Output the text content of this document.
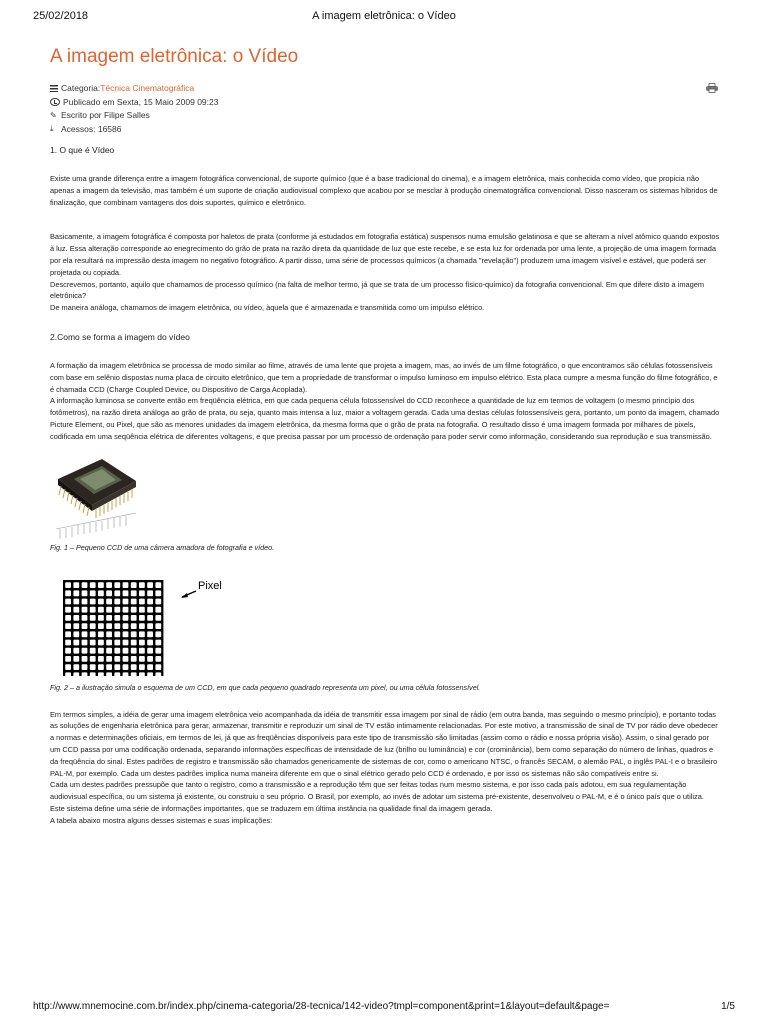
25/02/2018	A imagem eletrônica: o Vídeo
A imagem eletrônica: o Vídeo
Categoria: Técnica Cinematográfica
Publicado em Sexta, 15 Maio 2009 09:23
✎ Escrito por Filipe Salles
⤓ Acessos: 16586

1. O que é Vídeo

Existe uma grande diferença entre a imagem fotográfica convencional, de suporte químico (que é a base tradicional do cinema), e a imagem eletrônica, mais conhecida como vídeo, que propicia não apenas a imagem da televisão, mas também é um suporte de criação audiovisual complexo que acabou por se mesclar à produção cinematográfica convencional. Disso nasceram os sistemas híbridos de finalização, que combinam vantagens dos dois suportes, químico e eletrônico.

Basicamente, a imagem fotográfica é composta por haletos de prata (conforme já estudados em fotografia estática) suspensos numa emulsão gelatinosa e que se alteram a nível atômico quando expostos à luz. Essa alteração corresponde ao enegrecimento do grão de prata na razão direta da quantidade de luz que este recebe, e se esta luz for ordenada por uma lente, a projeção de uma imagem formada por ela resultará na impressão desta imagem no negativo fotográfico. A partir disso, uma série de processos químicos (a chamada "revelação") produzem uma imagem visível e estável, que poderá ser projetada ou copiada.

Descrevemos, portanto, aquilo que chamamos de processo químico (na falta de melhor termo, já que se trata de um processo físico-químico) da fotografia convencional. Em que difere disto a imagem eletrônica?

De maneira análoga, chamamos de imagem eletrônica, ou vídeo, àquela que é armazenada e transmitida como um impulso elétrico.

2.Como se forma a imagem do vídeo

A formação da imagem eletrônica se processa de modo similar ao filme, através de uma lente que projeta a imagem, mas, ao invés de um filme fotográfico, o que encontramos são células fotossensíveis com base em selênio dispostas numa placa de circuito eletrônico, que tem a propriedade de transformar o impulso luminoso em impulso elétrico. Esta placa cumpre a mesma função do filme fotográfico, e é chamada CCD (Charge Coupled Device, ou Dispositivo de Carga Acoplada).

A informação luminosa se converte então em freqüência elétrica, em que cada pequena célula fotossensível do CCD reconhece a quantidade de luz em termos de voltagem (o mesmo princípio dos fotômetros), na razão direta análoga ao grão de prata, ou seja, quanto mais intensa a luz, maior a voltagem gerada. Cada uma destas células fotossensíveis gera, portanto, um ponto da imagem, chamado Picture Element, ou Pixel, que são as menores unidades da imagem eletrônica, da mesma forma que o grão de prata na fotografia. O resultado disso é uma imagem formada por milhares de pixels, codificada em uma seqüência elétrica de diferentes voltagens, e que precisa passar por um processo de ordenação para poder servir como informação, considerando sua reprodução e sua transmissão.

Fig. 1 – Pequeno CCD de uma câmera amadora de fotografia e vídeo.

Pixel

Fig. 2 – a ilustração simula o esquema de um CCD, em que cada pequeno quadrado representa um pixel, ou uma célula fotossensível.

Em termos simples, a idéia de gerar uma imagem eletrônica veio acompanhada da idéia de transmitir essa imagem por sinal de rádio (em outra banda, mas seguindo o mesmo princípio), e portanto todas as soluções de engenharia eletrônica para gerar, armazenar, transmitir e reproduzir um sinal de TV estão intimamente relacionadas. Por este motivo, a transmissão de sinal de TV por rádio deve obedecer a normas e determinações oficiais, em termos de lei, já que as freqüências disponíveis para este tipo de transmissão são limitadas (assim como o rádio e nossa própria visão). Assim, o sinal gerado por um CCD passa por uma codificação ordenada, separando informações específicas de intensidade de luz (brilho ou luminância) e cor (crominância), bem como separação do número de linhas, quadros e da freqüência do sinal. Estes padrões de registro e transmissão são chamados genericamente de sistemas de cor, como o americano NTSC, o francês SECAM, o alemão PAL, o inglês PAL-I e o brasileiro PAL-M, por exemplo. Cada um destes padrões implica numa maneira diferente em que o sinal elétrico gerado pelo CCD é ordenado, e por isso os sistemas não são compatíveis entre si.

Cada um destes padrões pressupõe que tanto o registro, como a transmissão e a reprodução têm que ser feitas todas num mesmo sistema, e por isso cada país adotou, em sua regulamentação audiovisual específica, ou um sistema já existente, ou construiu o seu próprio. O Brasil, por exemplo, ao invés de adotar um sistema pré-existente, desenvolveu o PAL-M, e é o único país que o utiliza. Este sistema define uma série de informações importantes, que se traduzem em última instância na qualidade final da imagem gerada.

A tabela abaixo mostra alguns desses sistemas e suas implicações:

http://www.mnemocine.com.br/index.php/cinema-categoria/28-tecnica/142-video?tmpl=component&print=1&layout=default&page=	1/5
